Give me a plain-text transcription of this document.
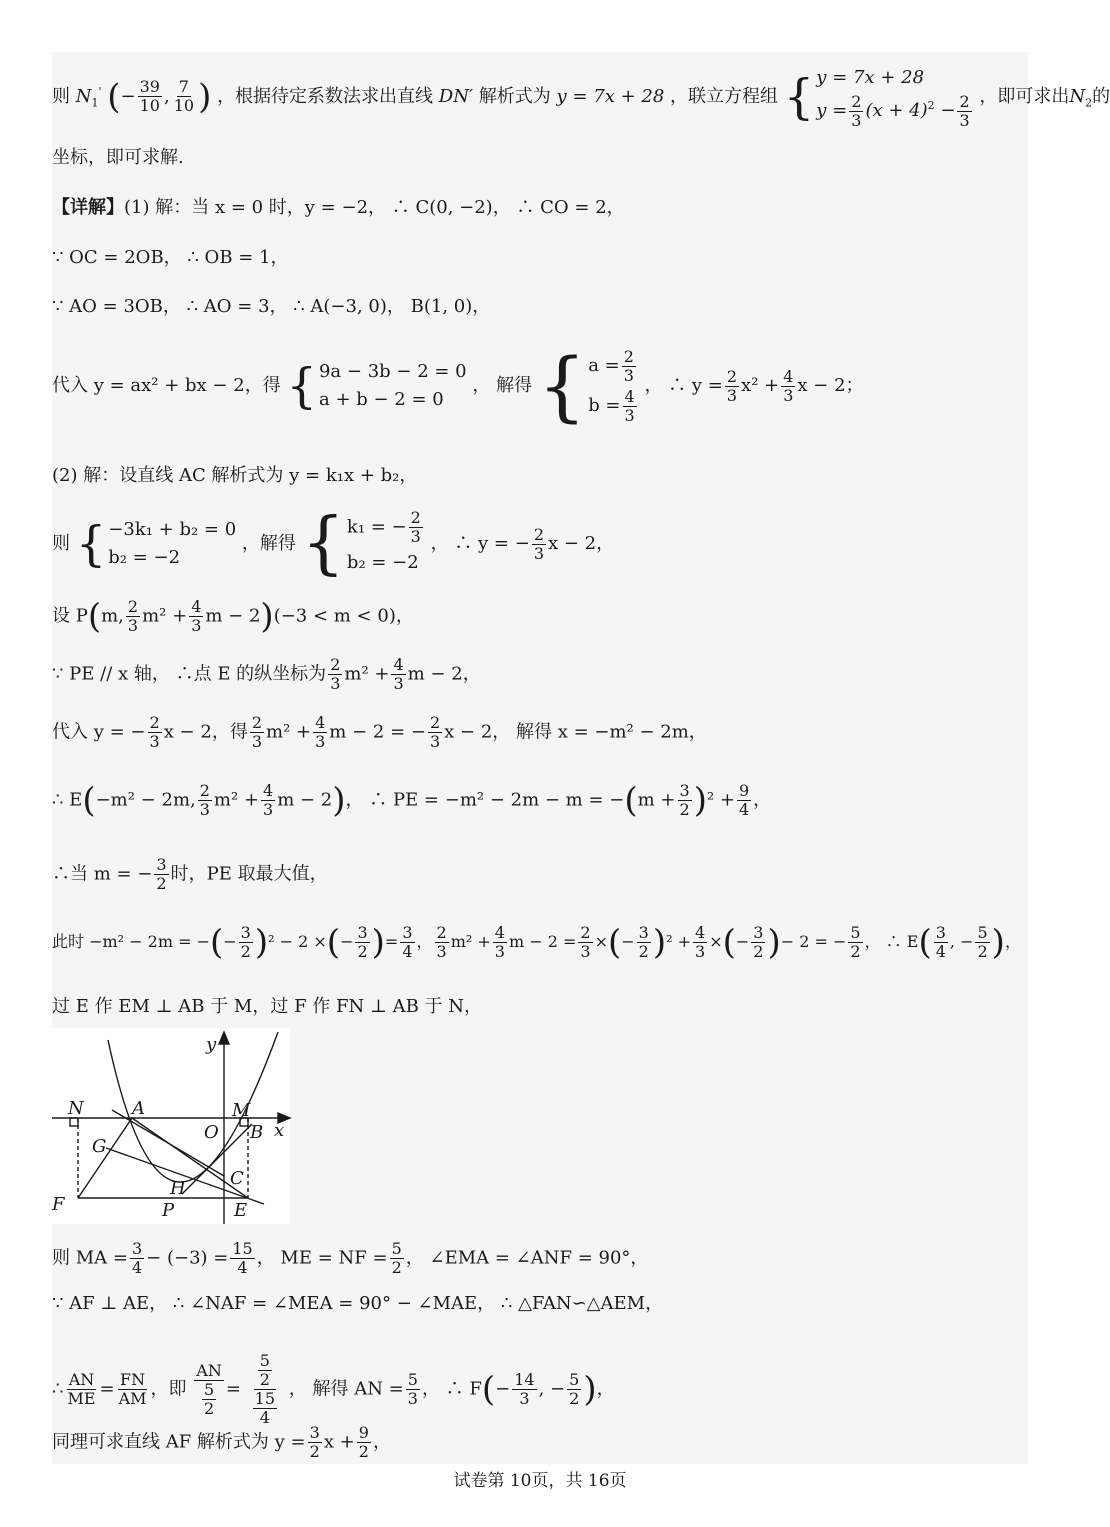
则 $N_1'$ (− $\frac{39}{10}$ , $\frac{7}{10}$ ) ，根据待定系数法求出直线 DN′ 解析式为 y = 7x + 28 ，联立方程组 { y = 7x + 28
$y = \frac{2}{3} (x + 4)^2 - \frac{2}{3}$ ，即可求出$N_2$的
坐标，即可求解.
【详解】(1) 解：当 x = 0 时，y = −2， ∴ C(0, −2)， ∴ CO = 2，
∵ OC = 2OB， ∴ OB = 1，
∵ AO = 3OB， ∴ AO = 3， ∴ A(−3, 0)， B(1, 0)，
代入 y = ax² + bx − 2，得 { 9a − 3b − 2 = 0
a + b − 2 = 0
， 解得 { $a = \frac{2}{3}$
$b = \frac{4}{3}$
， ∴ $y = \frac{2}{3} x^2 + \frac{4}{3}$ x − 2；
(2) 解：设直线 AC 解析式为 y = k₁x + b₂，
则 { −3k₁ + b₂ = 0
b₂ = −2
，解得 { k₁ = − $\frac{2}{3}$
b₂ = −2
， ∴ y = − $\frac{2}{3}$ x − 2，
设 P(m, $\frac{2}{3} m^2 + \frac{4}{3}$ m − 2)(−3 < m < 0)，
∵ PE // x 轴， ∴点 E 的纵坐标为 $\frac{2}{3} m^2 + \frac{4}{3}$ m − 2，
代入 y = − $\frac{2}{3}$ x − 2，得 $\frac{2}{3} m^2 + \frac{4}{3}$ m − 2 = − $\frac{2}{3}$ x − 2， 解得 x = −m² − 2m，
∴ E(−m² − 2m, $\frac{2}{3} m^2 + \frac{4}{3}$ m − 2)， ∴ PE = $-m^2 - 2m - m = -(m + \frac{3}{2} )^2 + \frac{9}{4}$ ，
∴当 m = − $\frac{3}{2}$ 时，PE 取最大值，
此时 −m² − 2m = −(− $\frac{3}{2} )^2 - 2$ ×(− $\frac{3}{2}$ )= $\frac{3}{4}$ ， $\frac{2}{3} m^2 + \frac{4}{3}$ $m - 2 = \frac{2}{3}$ ×(− $\frac{3}{2} )^2 + \frac{4}{3}$ ×(− $\frac{3}{2}$ )− 2 = − $\frac{5}{2}$ ， ∴ $E( \frac{3}{4}$ , − $\frac{5}{2}$ )，
过 E 作 EM ⊥ AB 于 M，过 F 作 FN ⊥ AB 于 N，
y
x
N	A	M
O B
G
C
H
F	P	E
则 MA = $\frac{3}{4} - (-3) = \frac{15}{4}$ ， ME = NF = $\frac{5}{2}$ ， ∠EMA = ∠ANF = 90°，
∵ AF ⊥ AE， ∴ ∠NAF = ∠MEA = 90° − ∠MAE， ∴ △FAN∽△AEM，
∴ $\frac{AN}{ME} = \frac{FN}{AM}$ ，即 $\frac{AN}{\frac{5}{2}} = \frac{\frac{5}{2}}{\frac{15}{4}}$ ， 解得 AN = $\frac{5}{3}$ ， ∴ $F(- \frac{14}{3}$ , − $\frac{5}{2}$ )，
同理可求直线 AF 解析式为 $y = \frac{3}{2}$ $x + \frac{9}{2}$ ，
试卷第 10页，共 16页
